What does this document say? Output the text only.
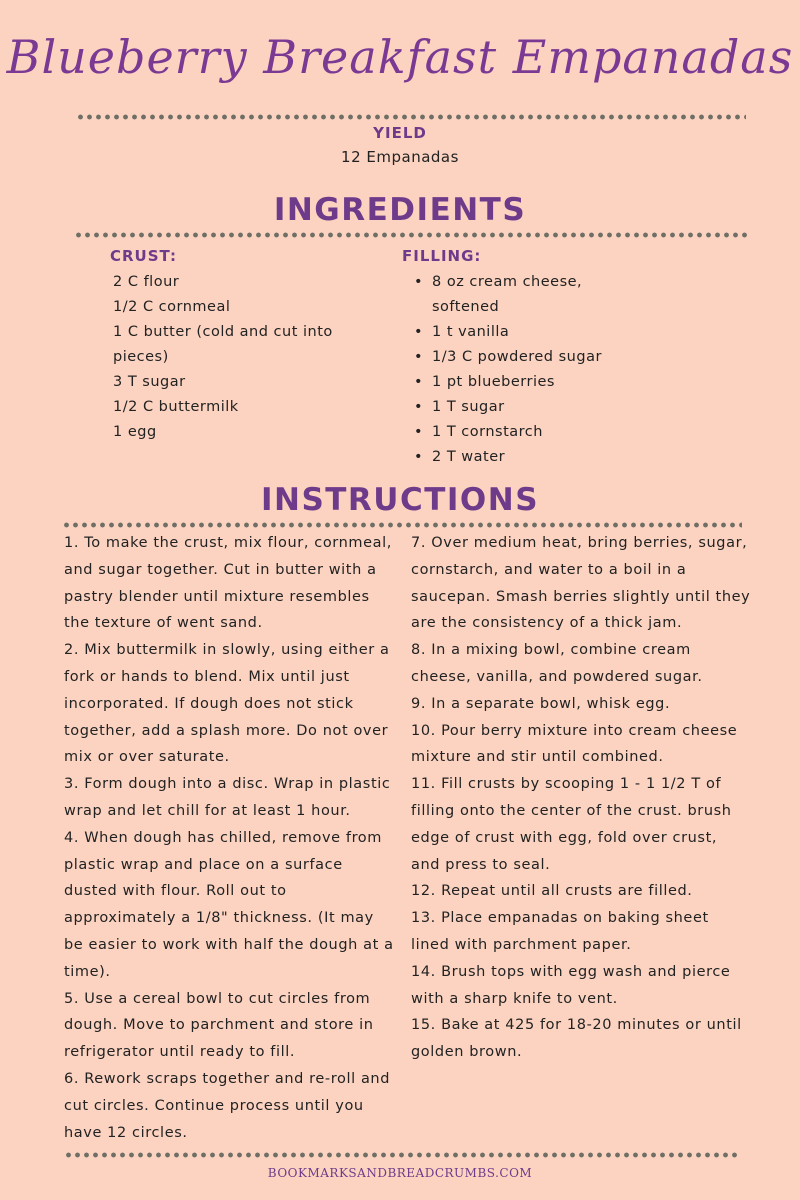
Blueberry Breakfast Empanadas
YIELD
12 Empanadas
INGREDIENTS
CRUST:
2 C flour
1/2 C cornmeal
1 C butter (cold and cut into
pieces)
3 T sugar
1/2 C buttermilk
1 egg
FILLING:
• 8 oz cream cheese, softened
• 1 t vanilla
• 1/3 C powdered sugar
• 1 pt blueberries
• 1 T sugar
• 1 T cornstarch
• 2 T water
INSTRUCTIONS

1. To make the crust, mix flour, cornmeal, and sugar together. Cut in butter with a pastry blender until mixture resembles the texture of went sand.

2. Mix buttermilk in slowly, using either a fork or hands to blend. Mix until just incorporated. If dough does not stick together, add a splash more. Do not over mix or over saturate.

3. Form dough into a disc. Wrap in plastic wrap and let chill for at least 1 hour.

4. When dough has chilled, remove from plastic wrap and place on a surface dusted with flour. Roll out to approximately a 1/8" thickness. (It may be easier to work with half the dough at a time).

5. Use a cereal bowl to cut circles from dough. Move to parchment and store in refrigerator until ready to fill.

6. Rework scraps together and re-roll and cut circles. Continue process until you have 12 circles.

7. Over medium heat, bring berries, sugar, cornstarch, and water to a boil in a saucepan. Smash berries slightly until they are the consistency of a thick jam.

8. In a mixing bowl, combine cream cheese, vanilla, and powdered sugar.

9. In a separate bowl, whisk egg.

10. Pour berry mixture into cream cheese mixture and stir until combined.

11. Fill crusts by scooping 1 - 1 1/2 T of filling onto the center of the crust. brush edge of crust with egg, fold over crust, and press to seal.

12. Repeat until all crusts are filled.

13. Place empanadas on baking sheet lined with parchment paper.

14. Brush tops with egg wash and pierce with a sharp knife to vent.

15. Bake at 425 for 18-20 minutes or until golden brown.

BOOKMARKSANDBREADCRUMBS.COM
